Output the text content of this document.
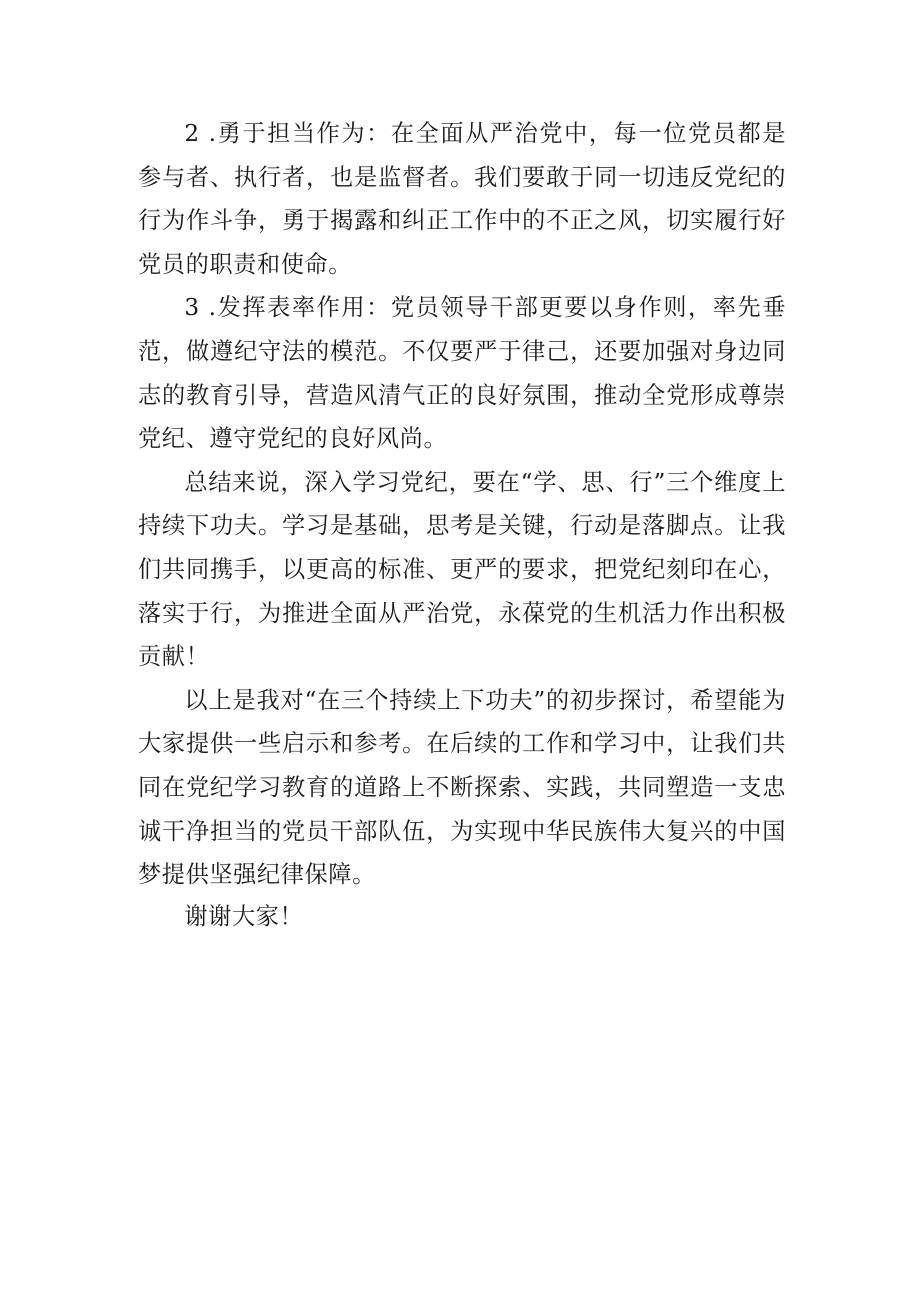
2 .勇于担当作为：在全面从严治党中，每一位党员都是参与者、执行者，也是监督者。我们要敢于同一切违反党纪的行为作斗争，勇于揭露和纠正工作中的不正之风，切实履行好党员的职责和使命。

3 .发挥表率作用：党员领导干部更要以身作则，率先垂范，做遵纪守法的模范。不仅要严于律己，还要加强对身边同志的教育引导，营造风清气正的良好氛围，推动全党形成尊崇党纪、遵守党纪的良好风尚。

总结来说，深入学习党纪，要在“学、思、行”三个维度上持续下功夫。学习是基础，思考是关键，行动是落脚点。让我们共同携手，以更高的标准、更严的要求，把党纪刻印在心，落实于行，为推进全面从严治党，永葆党的生机活力作出积极贡献！

以上是我对“在三个持续上下功夫”的初步探讨，希望能为大家提供一些启示和参考。在后续的工作和学习中，让我们共同在党纪学习教育的道路上不断探索、实践，共同塑造一支忠诚干净担当的党员干部队伍，为实现中华民族伟大复兴的中国梦提供坚强纪律保障。

谢谢大家！
